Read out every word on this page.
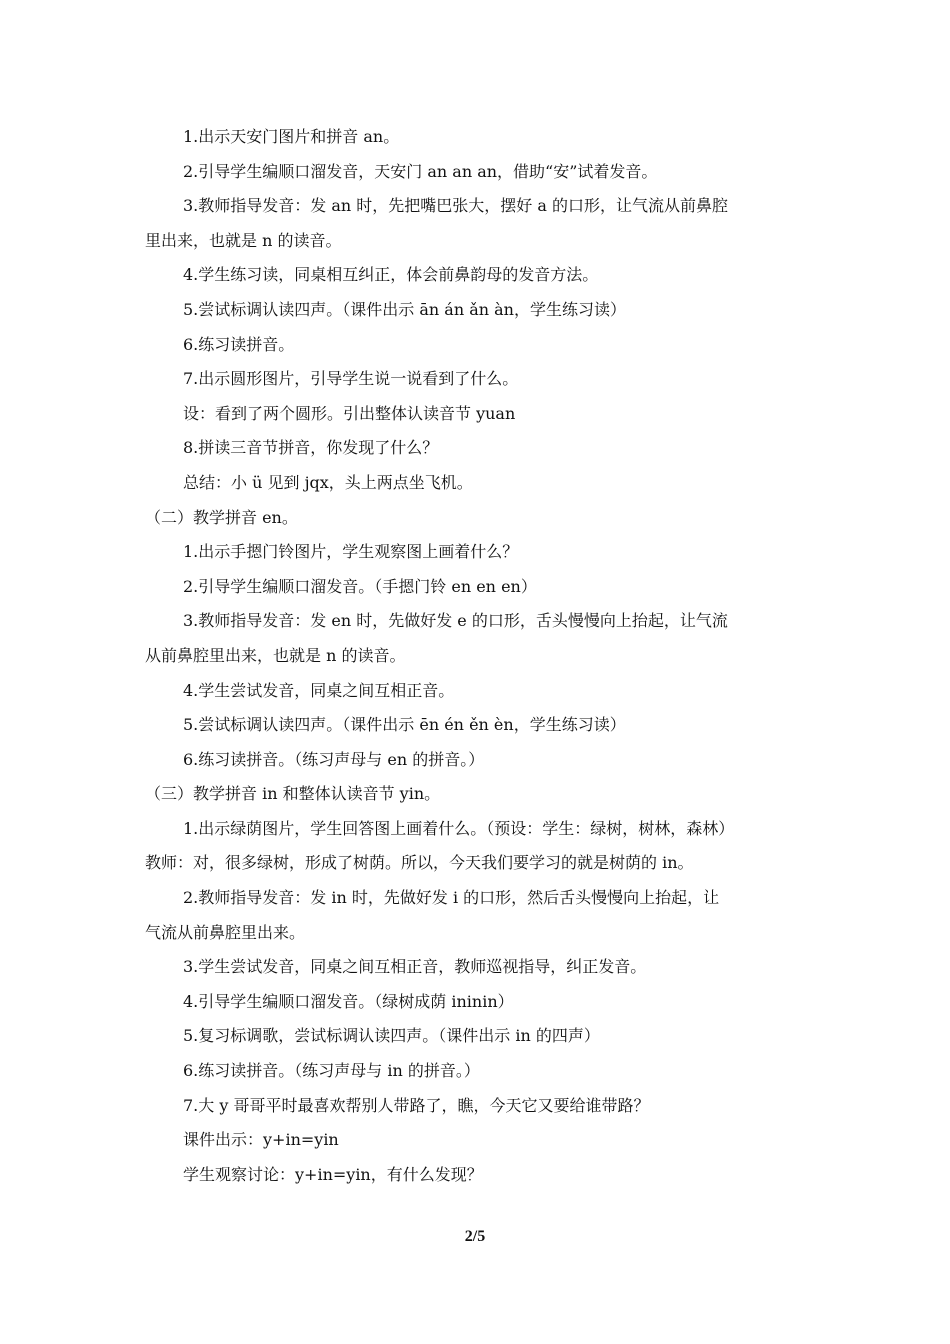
1.出示天安门图片和拼音 an。

2.引导学生编顺口溜发音，天安门 an an an，借助“安”试着发音。

3.教师指导发音：发 an 时，先把嘴巴张大，摆好 a 的口形，让气流从前鼻腔

里出来，也就是 n 的读音。

4.学生练习读，同桌相互纠正，体会前鼻韵母的发音方法。

5.尝试标调认读四声。（课件出示 ān án ǎn àn，学生练习读）

6.练习读拼音。

7.出示圆形图片，引导学生说一说看到了什么。

设：看到了两个圆形。引出整体认读音节 yuan

8.拼读三音节拼音，你发现了什么？

总结：小 ü 见到 jqx，头上两点坐飞机。

（二）教学拼音 en。

1.出示手摁门铃图片，学生观察图上画着什么？

2.引导学生编顺口溜发音。（手摁门铃 en en en）

3.教师指导发音：发 en 时，先做好发 e 的口形，舌头慢慢向上抬起，让气流

从前鼻腔里出来，也就是 n 的读音。

4.学生尝试发音，同桌之间互相正音。

5.尝试标调认读四声。（课件出示 ēn én ěn èn，学生练习读）

6.练习读拼音。（练习声母与 en 的拼音。）

（三）教学拼音 in 和整体认读音节 yin。

1.出示绿荫图片，学生回答图上画着什么。（预设：学生：绿树，树林，森林）

教师：对，很多绿树，形成了树荫。所以，今天我们要学习的就是树荫的 in。

2.教师指导发音：发 in 时，先做好发 i 的口形，然后舌头慢慢向上抬起，让

气流从前鼻腔里出来。

3.学生尝试发音，同桌之间互相正音，教师巡视指导，纠正发音。

4.引导学生编顺口溜发音。（绿树成荫 ininin）

5.复习标调歌，尝试标调认读四声。（课件出示 in 的四声）

6.练习读拼音。（练习声母与 in 的拼音。）

7.大 y 哥哥平时最喜欢帮别人带路了，瞧，今天它又要给谁带路？

课件出示：y+in=yin

学生观察讨论：y+in=yin，有什么发现？

2/5
